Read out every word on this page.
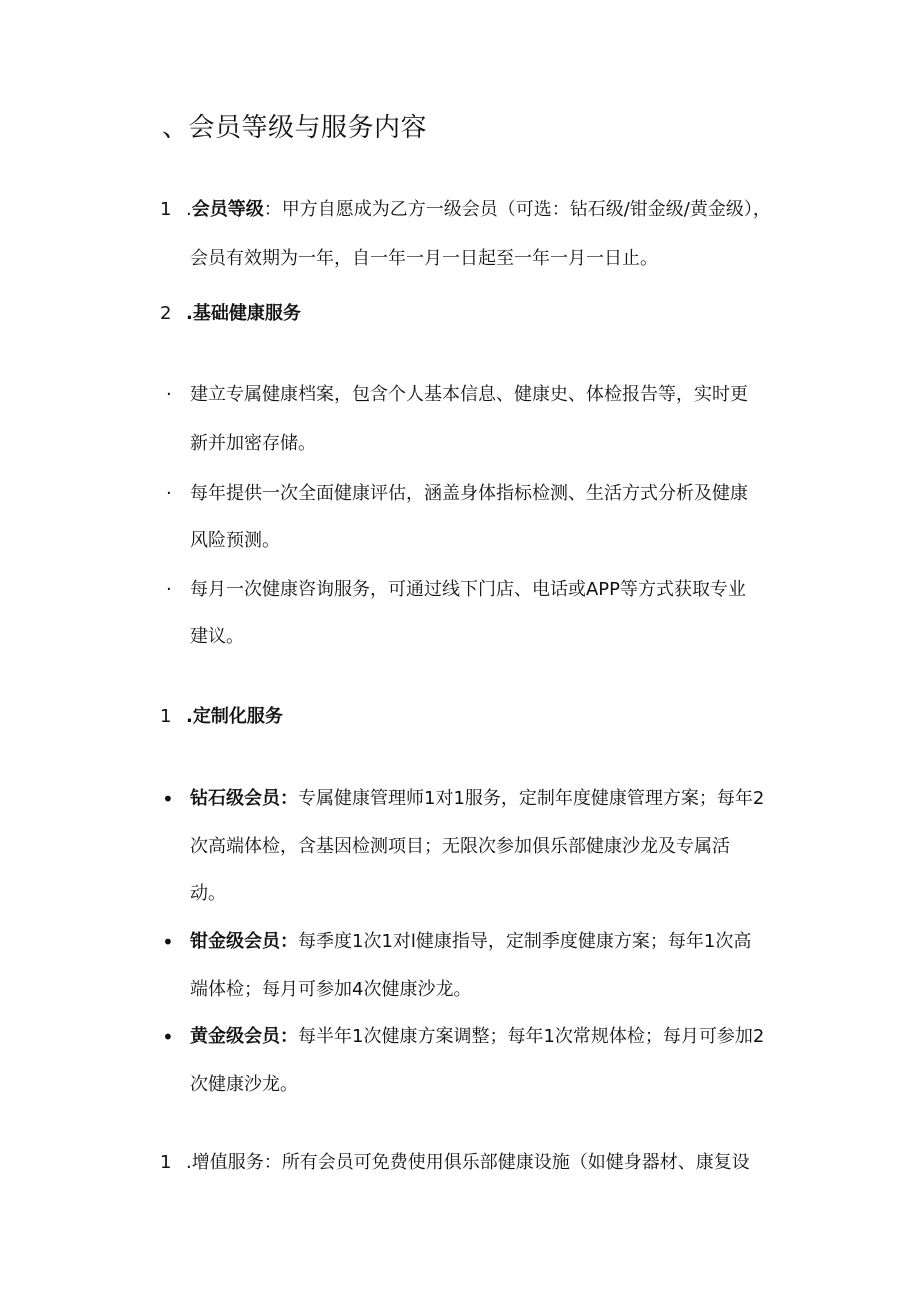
、会员等级与服务内容
1 .会员等级：甲方自愿成为乙方一级会员（可选：钻石级/钳金级/黄金级），
会员有效期为一年，自一年一月一日起至一年一月一日止。
2 .基础健康服务
· 建立专属健康档案，包含个人基本信息、健康史、体检报告等，实时更
新并加密存储。
· 每年提供一次全面健康评估，涵盖身体指标检测、生活方式分析及健康
风险预测。
· 每月一次健康咨询服务，可通过线下门店、电话或APP等方式获取专业
建议。
1 .定制化服务
• 钻石级会员：专属健康管理师1对1服务，定制年度健康管理方案；每年2
次高端体检，含基因检测项目；无限次参加俱乐部健康沙龙及专属活
动。
• 钳金级会员：每季度1次1对l健康指导，定制季度健康方案；每年1次高
端体检；每月可参加4次健康沙龙。
• 黄金级会员：每半年1次健康方案调整；每年1次常规体检；每月可参加2
次健康沙龙。
1 .增值服务：所有会员可免费使用俱乐部健康设施（如健身器材、康复设
